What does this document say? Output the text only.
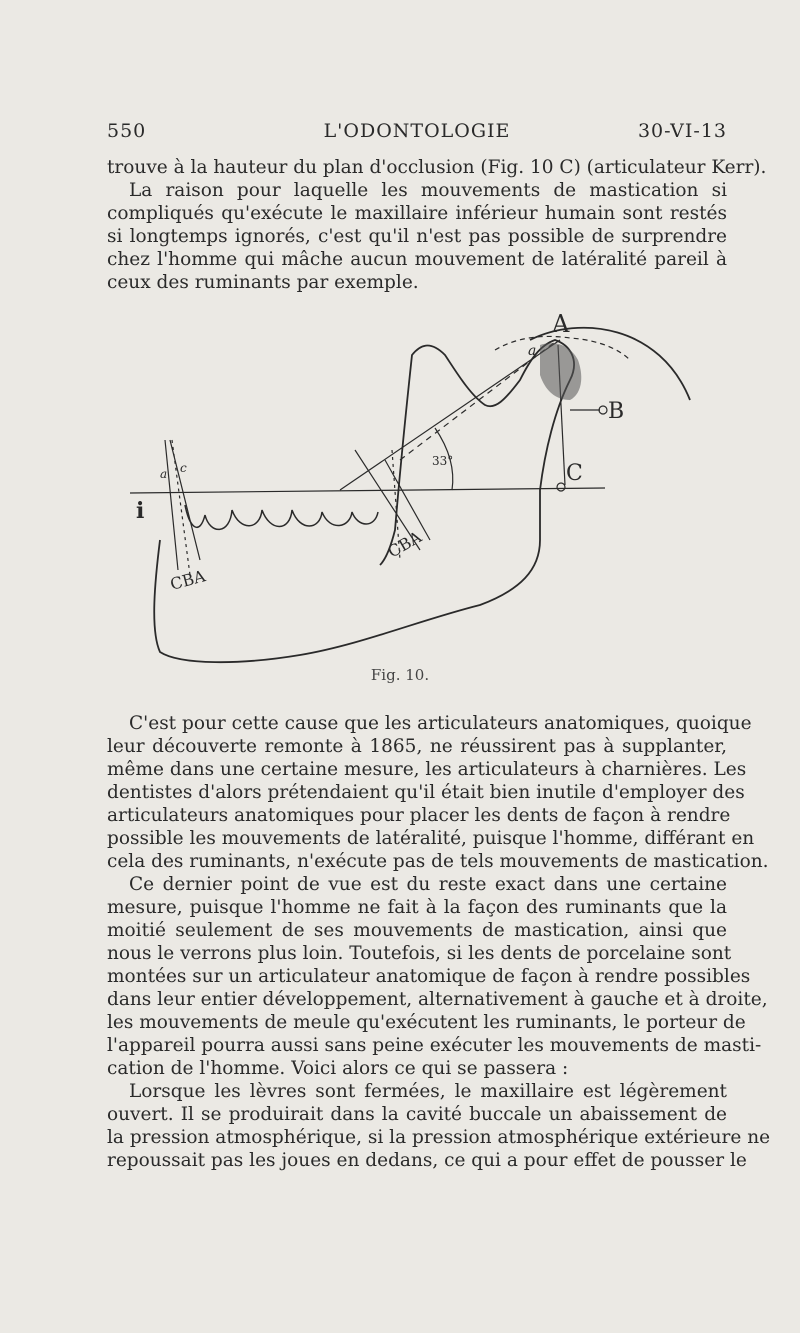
550	L'ODONTOLOGIE	30-VI-13
trouve à la hauteur du plan d'occlusion (Fig. 10 C) (articulateur Kerr).
La raison pour laquelle les mouvements de mastication si
compliqués qu'exécute le maxillaire inférieur humain sont restés
si longtemps ignorés, c'est qu'il n'est pas possible de surprendre
chez l'homme qui mâche aucun mouvement de latéralité pareil à
ceux des ruminants par exemple.
A
a
B
C
33°
i
a c
CBA
CBA
Fig. 10.
C'est pour cette cause que les articulateurs anatomiques, quoique
leur découverte remonte à 1865, ne réussirent pas à supplanter,
même dans une certaine mesure, les articulateurs à charnières. Les
dentistes d'alors prétendaient qu'il était bien inutile d'employer des
articulateurs anatomiques pour placer les dents de façon à rendre
possible les mouvements de latéralité, puisque l'homme, différant en
cela des ruminants, n'exécute pas de tels mouvements de mastication.
Ce dernier point de vue est du reste exact dans une certaine
mesure, puisque l'homme ne fait à la façon des ruminants que la
moitié seulement de ses mouvements de mastication, ainsi que
nous le verrons plus loin. Toutefois, si les dents de porcelaine sont
montées sur un articulateur anatomique de façon à rendre possibles
dans leur entier développement, alternativement à gauche et à droite,
les mouvements de meule qu'exécutent les ruminants, le porteur de
l'appareil pourra aussi sans peine exécuter les mouvements de masti-
cation de l'homme. Voici alors ce qui se passera :
Lorsque les lèvres sont fermées, le maxillaire est légèrement
ouvert. Il se produirait dans la cavité buccale un abaissement de
la pression atmosphérique, si la pression atmosphérique extérieure ne
repoussait pas les joues en dedans, ce qui a pour effet de pousser le
